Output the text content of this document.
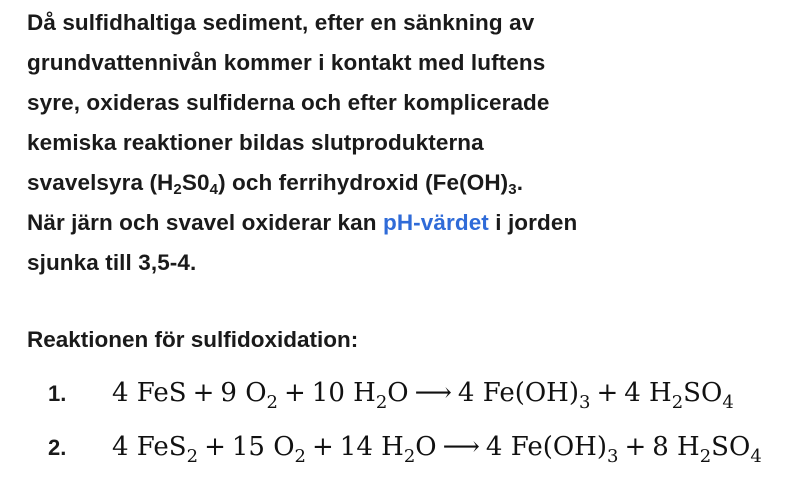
Då sulfidhaltiga sediment, efter en sänkning av
grundvattennivån kommer i kontakt med luftens
syre, oxideras sulfiderna och efter komplicerade
kemiska reaktioner bildas slutprodukterna
svavelsyra $(H_2S0_4)$ och ferrihydroxid ($Fe(OH)_3$.
När järn och svavel oxiderar kan pH-värdet i jorden
sjunka till 3,5-4.

Reaktionen för sulfidoxidation:
1.	4 FeS + 9 $O_2 + 10$ $H_2O$ ⟶ 4 $Fe(OH)_3 + 4$ $H_2SO_4$
2.	4 FeS$_2$ + 15 $O_2 + 14$ $H_2O$ ⟶ 4 $Fe(OH)_3 + 8$ $H_2SO_4$
